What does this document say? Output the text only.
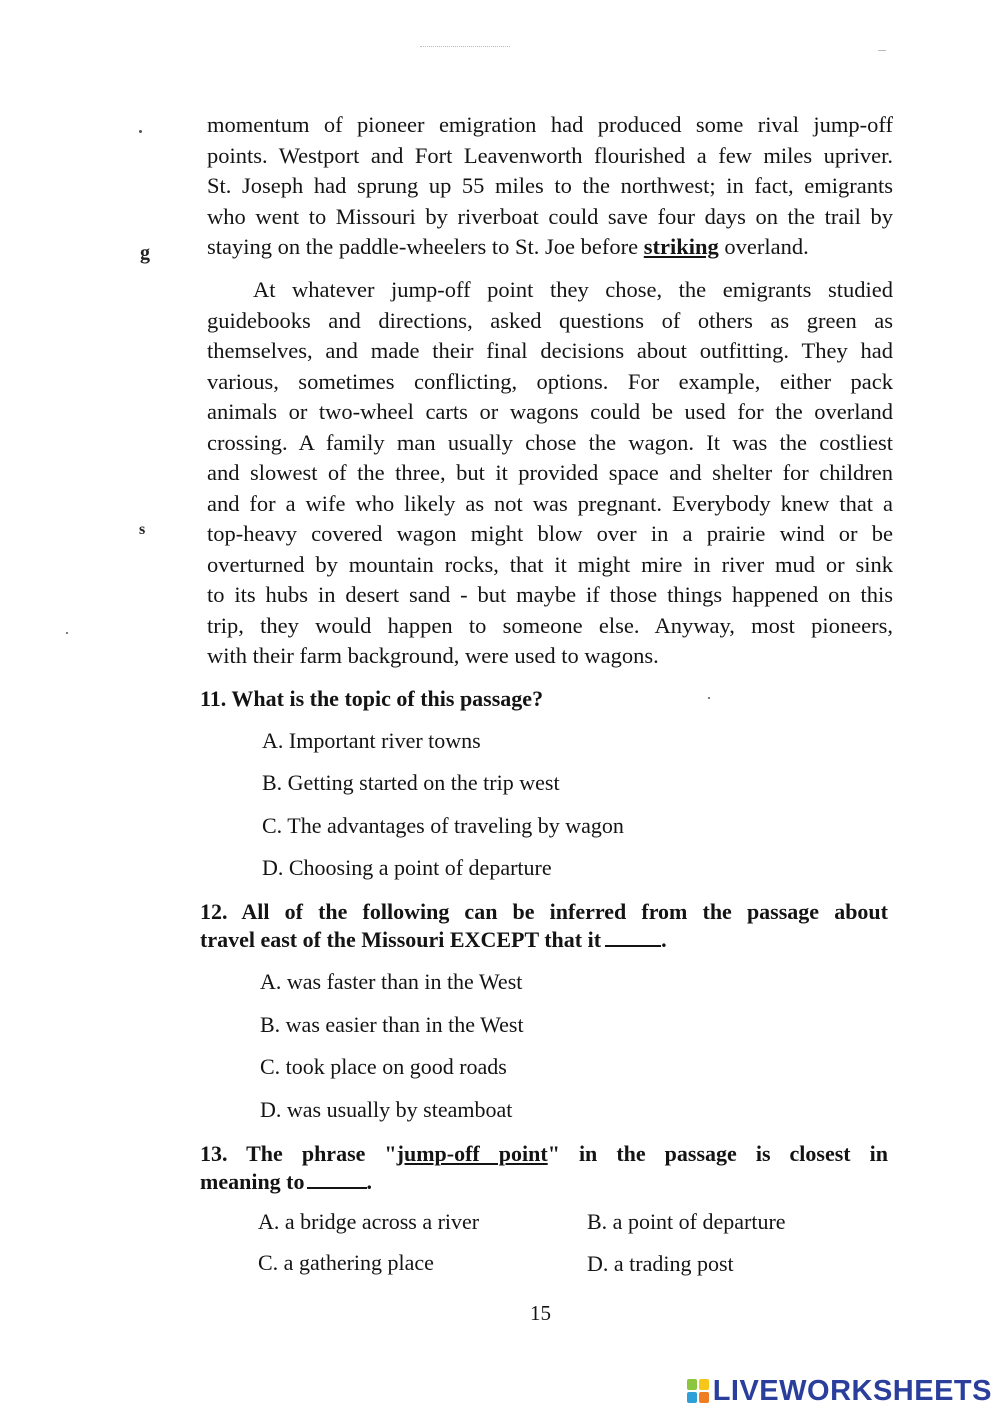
g
s
momentum of pioneer emigration had produced some rival jump-off
points. Westport and Fort Leavenworth flourished a few miles upriver.
St. Joseph had sprung up 55 miles to the northwest; in fact, emigrants
who went to Missouri by riverboat could save four days on the trail by
staying on the paddle-wheelers to St. Joe before striking overland.
At whatever jump-off point they chose, the emigrants studied
guidebooks and directions, asked questions of others as green as
themselves, and made their final decisions about outfitting. They had
various, sometimes conflicting, options. For example, either pack
animals or two-wheel carts or wagons could be used for the overland
crossing. A family man usually chose the wagon. It was the costliest
and slowest of the three, but it provided space and shelter for children
and for a wife who likely as not was pregnant. Everybody knew that a
top-heavy covered wagon might blow over in a prairie wind or be
overturned by mountain rocks, that it might mire in river mud or sink
to its hubs in desert sand - but maybe if those things happened on this
trip, they would happen to someone else. Anyway, most pioneers,
with their farm background, were used to wagons.
11. What is the topic of this passage?
A. Important river towns
B. Getting started on the trip west
C. The advantages of traveling by wagon
D. Choosing a point of departure
12. All of the following can be inferred from the passage about
travel east of the Missouri EXCEPT that it	.
A. was faster than in the West
B. was easier than in the West
C. took place on good roads
D. was usually by steamboat
13. The phrase "jump-off point" in the passage is closest in
meaning to	.
A. a bridge across a river	B. a point of departure
C. a gathering place	D. a trading post
15
LIVEWORKSHEETS
